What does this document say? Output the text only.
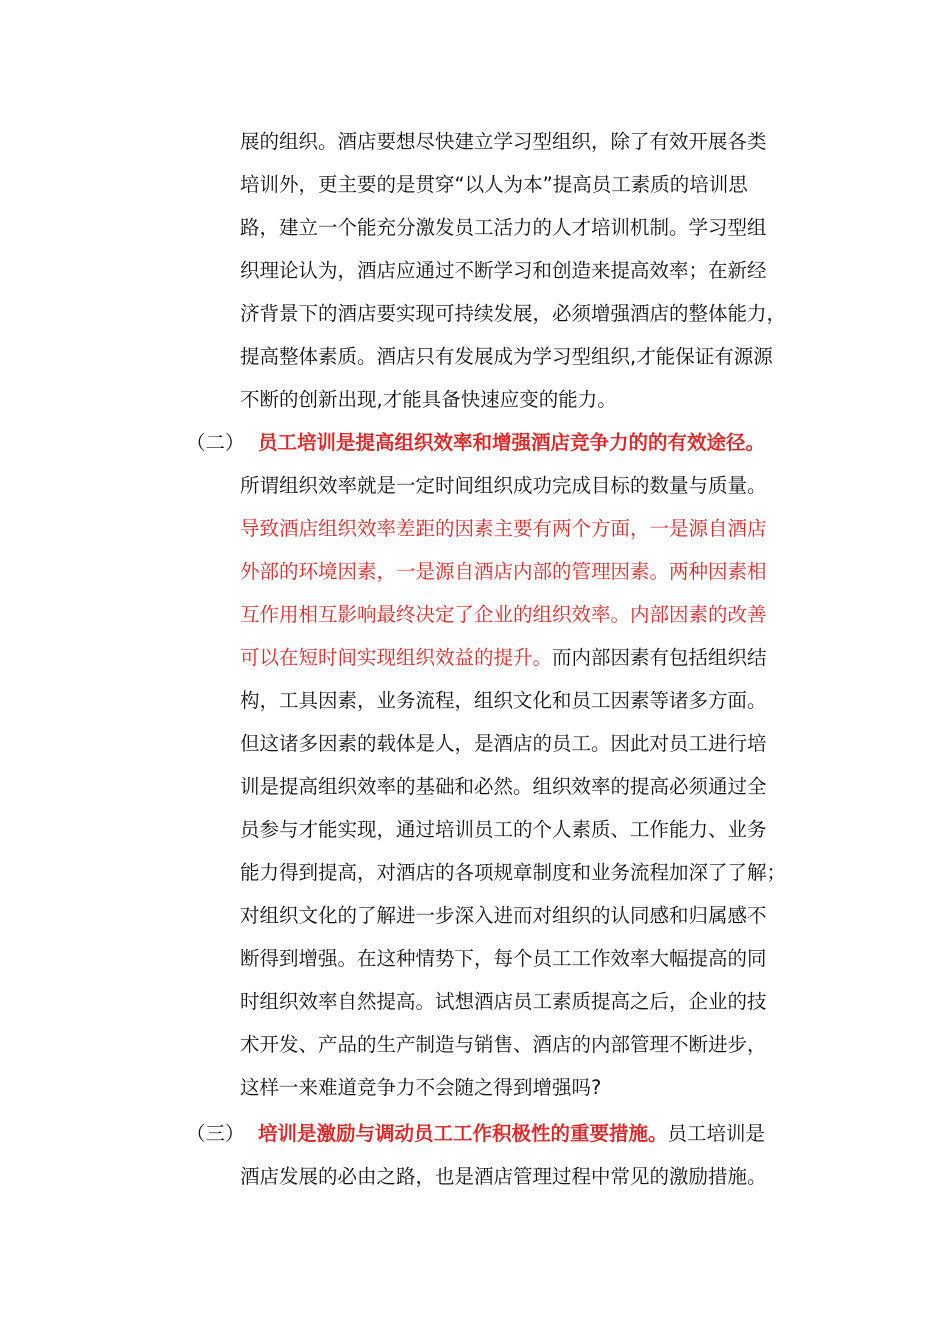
展的组织。酒店要想尽快建立学习型组织，除了有效开展各类
培训外，更主要的是贯穿“以人为本”提高员工素质的培训思
路，建立一个能充分激发员工活力的人才培训机制。学习型组
织理论认为，酒店应通过不断学习和创造来提高效率；在新经
济背景下的酒店要实现可持续发展，必须增强酒店的整体能力，
提高整体素质。酒店只有发展成为学习型组织,才能保证有源源
不断的创新出现,才能具备快速应变的能力。
（二） 员工培训是提高组织效率和增强酒店竞争力的的有效途径。
所谓组织效率就是一定时间组织成功完成目标的数量与质量。
导致酒店组织效率差距的因素主要有两个方面，一是源自酒店
外部的环境因素，一是源自酒店内部的管理因素。两种因素相
互作用相互影响最终决定了企业的组织效率。内部因素的改善
可以在短时间实现组织效益的提升。而内部因素有包括组织结
构，工具因素，业务流程，组织文化和员工因素等诸多方面。
但这诸多因素的载体是人，是酒店的员工。因此对员工进行培
训是提高组织效率的基础和必然。组织效率的提高必须通过全
员参与才能实现，通过培训员工的个人素质、工作能力、业务
能力得到提高，对酒店的各项规章制度和业务流程加深了了解；
对组织文化的了解进一步深入进而对组织的认同感和归属感不
断得到增强。在这种情势下，每个员工工作效率大幅提高的同
时组织效率自然提高。试想酒店员工素质提高之后，企业的技
术开发、产品的生产制造与销售、酒店的内部管理不断进步，
这样一来难道竞争力不会随之得到增强吗?
（三） 培训是激励与调动员工工作积极性的重要措施。员工培训是
酒店发展的必由之路，也是酒店管理过程中常见的激励措施。
